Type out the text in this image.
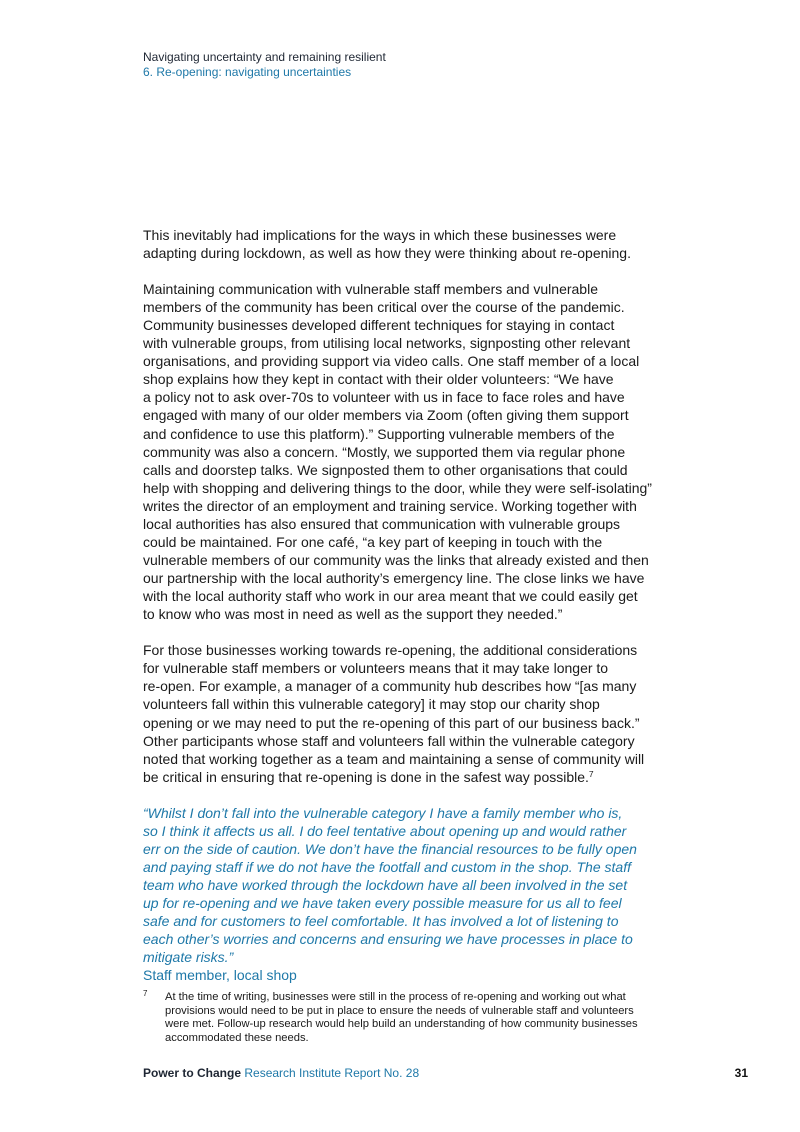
Navigating uncertainty and remaining resilient
6. Re-opening: navigating uncertainties
This inevitably had implications for the ways in which these businesses were
adapting during lockdown, as well as how they were thinking about re-opening.
Maintaining communication with vulnerable staff members and vulnerable
members of the community has been critical over the course of the pandemic.
Community businesses developed different techniques for staying in contact
with vulnerable groups, from utilising local networks, signposting other relevant
organisations, and providing support via video calls. One staff member of a local
shop explains how they kept in contact with their older volunteers: “We have
a policy not to ask over-70s to volunteer with us in face to face roles and have
engaged with many of our older members via Zoom (often giving them support
and confidence to use this platform).” Supporting vulnerable members of the
community was also a concern. “Mostly, we supported them via regular phone
calls and doorstep talks. We signposted them to other organisations that could
help with shopping and delivering things to the door, while they were self-isolating”
writes the director of an employment and training service. Working together with
local authorities has also ensured that communication with vulnerable groups
could be maintained. For one café, “a key part of keeping in touch with the
vulnerable members of our community was the links that already existed and then
our partnership with the local authority’s emergency line. The close links we have
with the local authority staff who work in our area meant that we could easily get
to know who was most in need as well as the support they needed.”
For those businesses working towards re-opening, the additional considerations
for vulnerable staff members or volunteers means that it may take longer to
re-open. For example, a manager of a community hub describes how “[as many
volunteers fall within this vulnerable category] it may stop our charity shop
opening or we may need to put the re-opening of this part of our business back.”
Other participants whose staff and volunteers fall within the vulnerable category
noted that working together as a team and maintaining a sense of community will
be critical in ensuring that re-opening is done in the safest way possible.$^7$
“Whilst I don’t fall into the vulnerable category I have a family member who is,
so I think it affects us all. I do feel tentative about opening up and would rather
err on the side of caution. We don’t have the financial resources to be fully open
and paying staff if we do not have the footfall and custom in the shop. The staff
team who have worked through the lockdown have all been involved in the set
up for re-opening and we have taken every possible measure for us all to feel
safe and for customers to feel comfortable. It has involved a lot of listening to
each other’s worries and concerns and ensuring we have processes in place to
mitigate risks.”
Staff member, local shop
7 At the time of writing, businesses were still in the process of re-opening and working out what
provisions would need to be put in place to ensure the needs of vulnerable staff and volunteers
were met. Follow-up research would help build an understanding of how community businesses
accommodated these needs.
Power to Change Research Institute Report No. 28	31
